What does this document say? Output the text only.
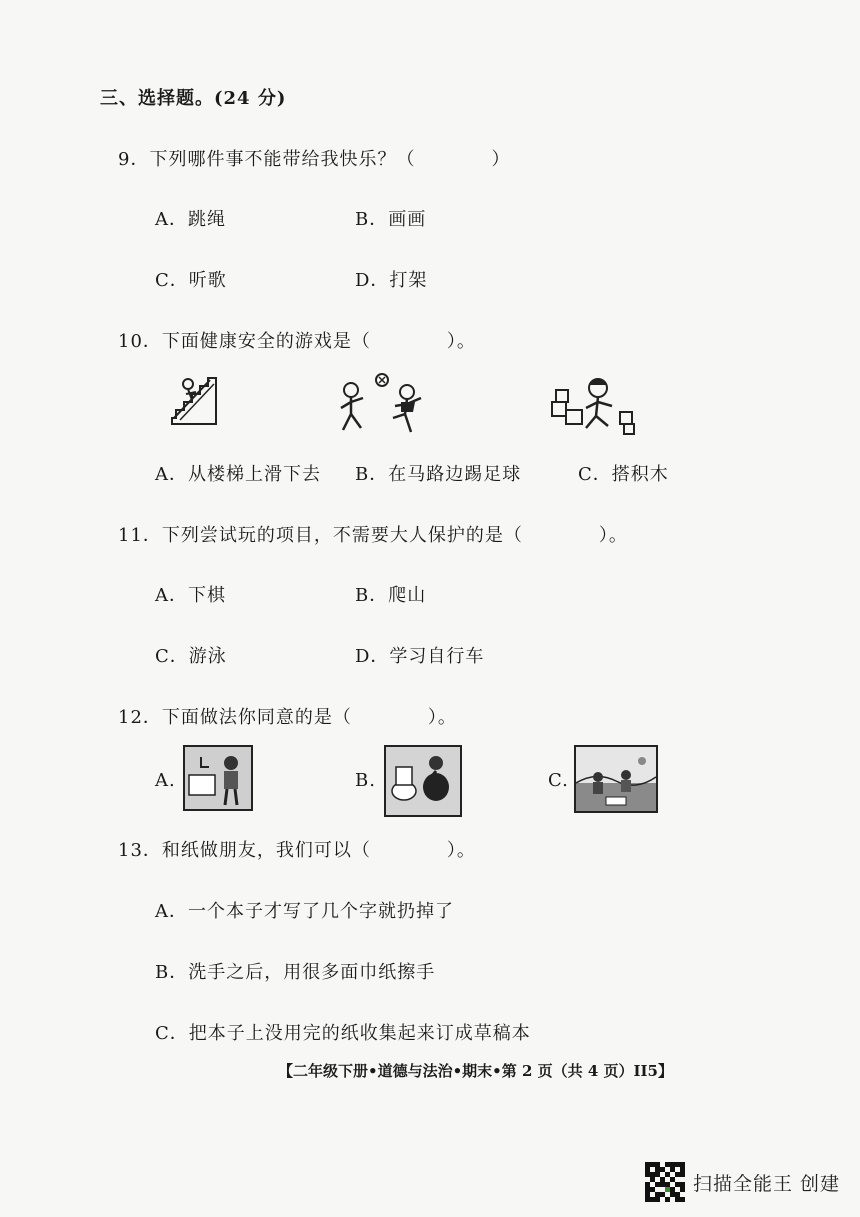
三、选择题。(24 分)
9．下列哪件事不能带给我快乐？（　　　　）
A．跳绳	B．画画
C．听歌	D．打架
10．下面健康安全的游戏是（　　　　）。
A．从楼梯上滑下去 B．在马路边踢足球	C．搭积木
11．下列尝试玩的项目，不需要大人保护的是（　　　　）。
A．下棋	B．爬山
C．游泳	D．学习自行车
12．下面做法你同意的是（　　　　）。
A.	B.	C.
13．和纸做朋友，我们可以（　　　　）。
A．一个本子才写了几个字就扔掉了
B．洗手之后，用很多面巾纸擦手
C．把本子上没用完的纸收集起来订成草稿本
【二年级下册•道德与法治•期末•第 2 页（共 4 页）II5】
扫描全能王 创建
